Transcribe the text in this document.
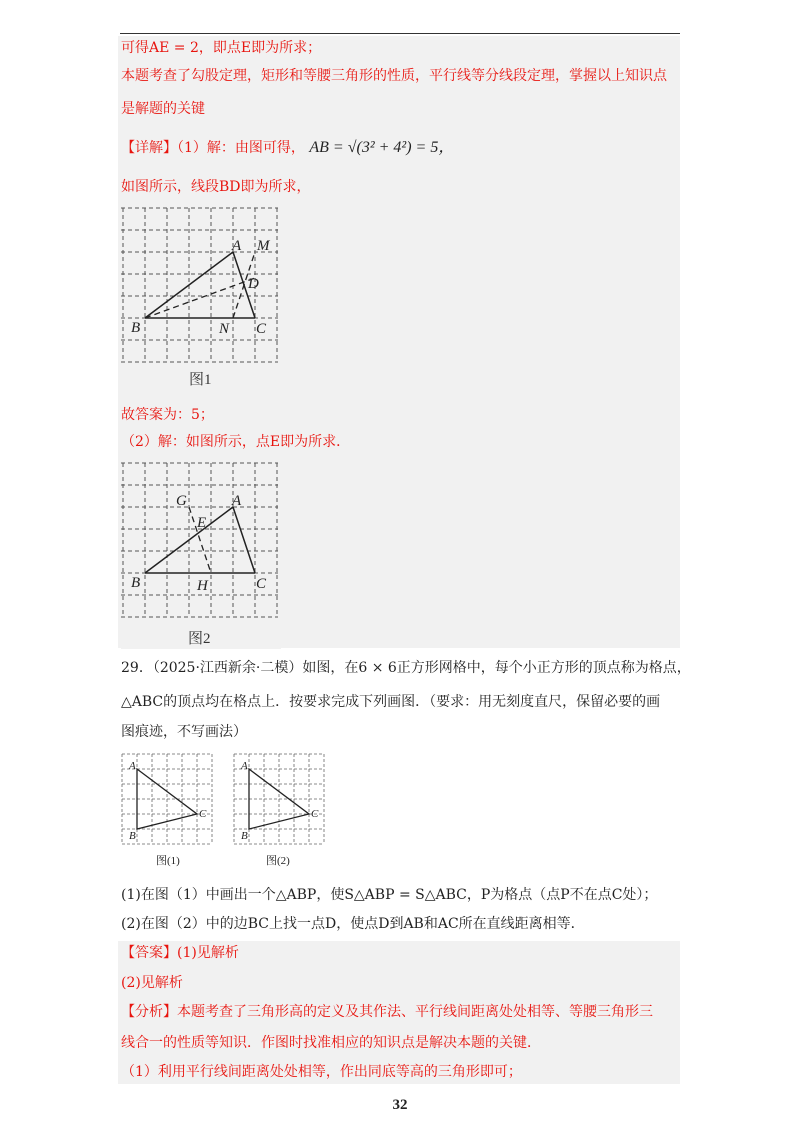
可得AE = 2，即点E即为所求；
本题考查了勾股定理，矩形和等腰三角形的性质，平行线等分线段定理，掌握以上知识点
是解题的关键
【详解】（1）解：由图可得， AB = √(3² + 4²) = 5，
如图所示，线段BD即为所求，
A M
D
B	N C
图1
故答案为：5；
（2）解：如图所示，点E即为所求．
G	A
E
B	H	C
图2
29．（2025·江西新余·二模）如图，在6 × 6正方形网格中，每个小正方形的顶点称为格点，
△ABC的顶点均在格点上．按要求完成下列画图．（要求：用无刻度直尺，保留必要的画
图痕迹，不写画法）
A
B
C
图(1)
A
B
C
图(2)
(1)在图（1）中画出一个△ABP，使S△ABP = S△ABC，P为格点（点P不在点C处）；
(2)在图（2）中的边BC上找一点D，使点D到AB和AC所在直线距离相等．
【答案】(1)见解析
(2)见解析
【分析】本题考查了三角形高的定义及其作法、平行线间距离处处相等、等腰三角形三
线合一的性质等知识．作图时找准相应的知识点是解决本题的关键．
（1）利用平行线间距离处处相等，作出同底等高的三角形即可；
32
